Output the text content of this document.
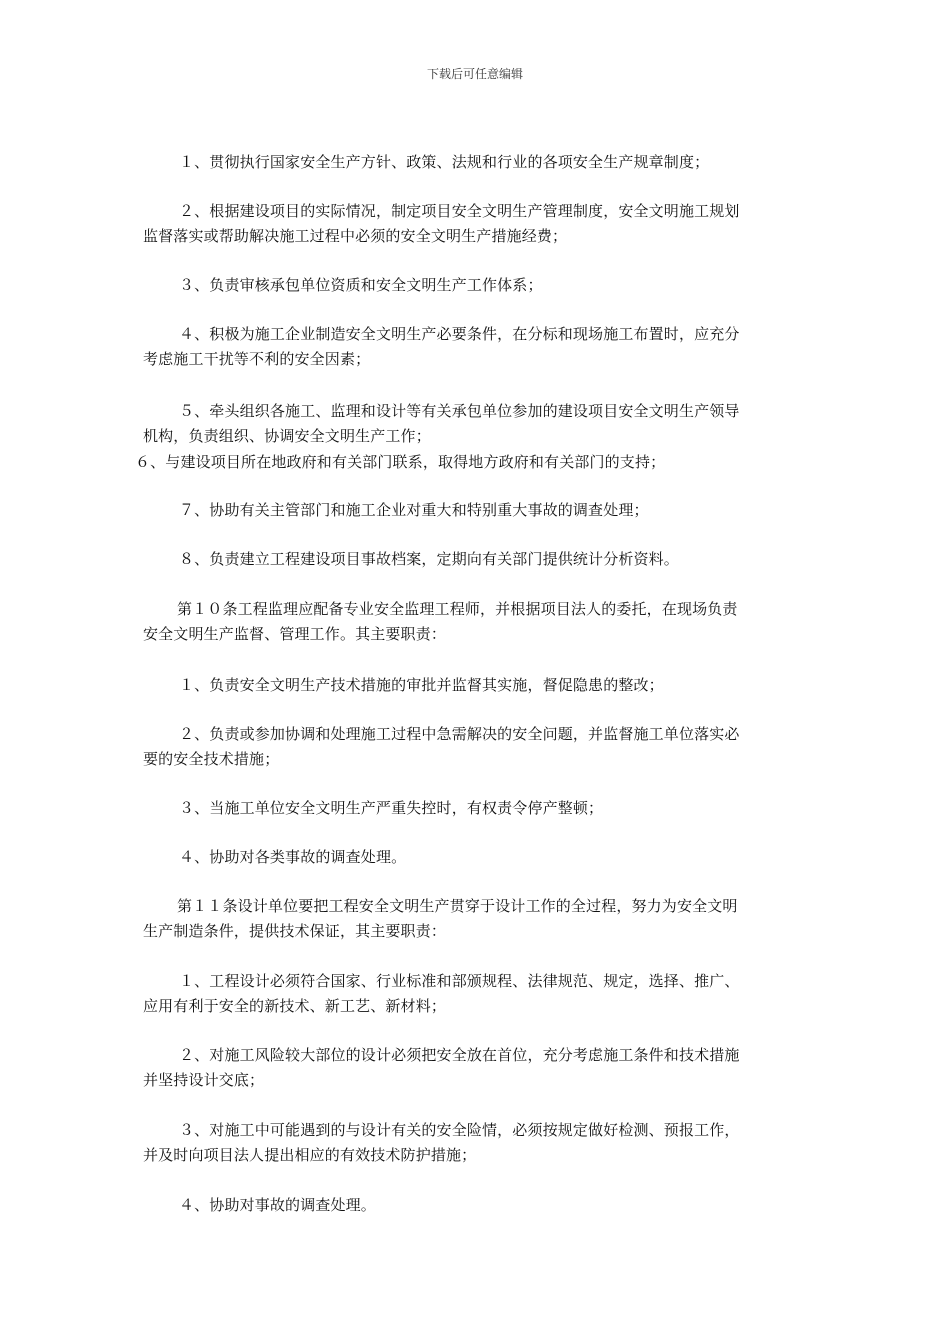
下载后可任意编辑
１、贯彻执行国家安全生产方针、政策、法规和行业的各项安全生产规章制度；
２、根据建设项目的实际情况，制定项目安全文明生产管理制度，安全文明施工规划
监督落实或帮助解决施工过程中必须的安全文明生产措施经费；
３、负责审核承包单位资质和安全文明生产工作体系；
４、积极为施工企业制造安全文明生产必要条件，在分标和现场施工布置时，应充分
考虑施工干扰等不利的安全因素；
５、牵头组织各施工、监理和设计等有关承包单位参加的建设项目安全文明生产领导
机构，负责组织、协调安全文明生产工作；
６、与建设项目所在地政府和有关部门联系，取得地方政府和有关部门的支持；
７、协助有关主管部门和施工企业对重大和特别重大事故的调查处理；
８、负责建立工程建设项目事故档案，定期向有关部门提供统计分析资料。
第１０条工程监理应配备专业安全监理工程师，并根据项目法人的委托，在现场负责
安全文明生产监督、管理工作。其主要职责：
１、负责安全文明生产技术措施的审批并监督其实施，督促隐患的整改；
２、负责或参加协调和处理施工过程中急需解决的安全问题，并监督施工单位落实必
要的安全技术措施；
３、当施工单位安全文明生产严重失控时，有权责令停产整顿；
４、协助对各类事故的调查处理。
第１１条设计单位要把工程安全文明生产贯穿于设计工作的全过程，努力为安全文明
生产制造条件，提供技术保证，其主要职责：
１、工程设计必须符合国家、行业标准和部颁规程、法律规范、规定，选择、推广、
应用有利于安全的新技术、新工艺、新材料；
２、对施工风险较大部位的设计必须把安全放在首位，充分考虑施工条件和技术措施
并坚持设计交底；
３、对施工中可能遇到的与设计有关的安全险情，必须按规定做好检测、预报工作，
并及时向项目法人提出相应的有效技术防护措施；
４、协助对事故的调查处理。
